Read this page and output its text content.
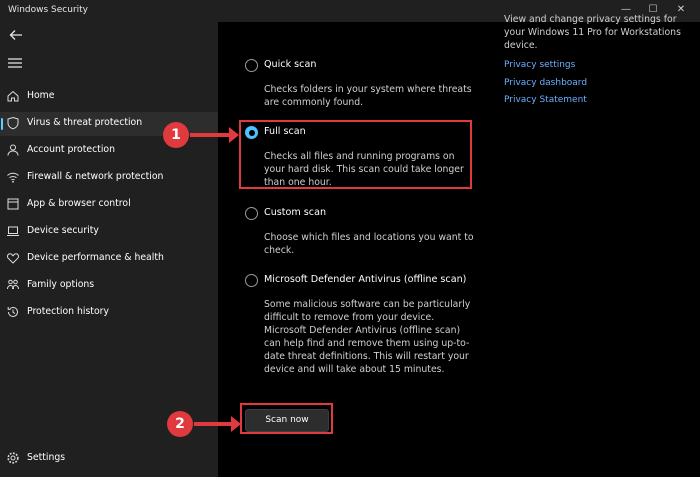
Windows Security	—	☐	✕
Home
Virus & threat protection
Account protection
Firewall & network protection
App & browser control
Device security
Device performance & health
Family options
Protection history
Settings
Quick scan
Checks folders in your system where threats are commonly found.
Full scan
Checks all files and running programs on your hard disk. This scan could take longer than one hour.
Custom scan
Choose which files and locations you want to check.
Microsoft Defender Antivirus (offline scan)
Some malicious software can be particularly difficult to remove from your device. Microsoft Defender Antivirus (offline scan) can help find and remove them using up-to-date threat definitions. This will restart your device and will take about 15 minutes.
Scan now
View and change privacy settings for your Windows 11 Pro for Workstations device.
Privacy settings
Privacy dashboard
Privacy Statement
1
2
